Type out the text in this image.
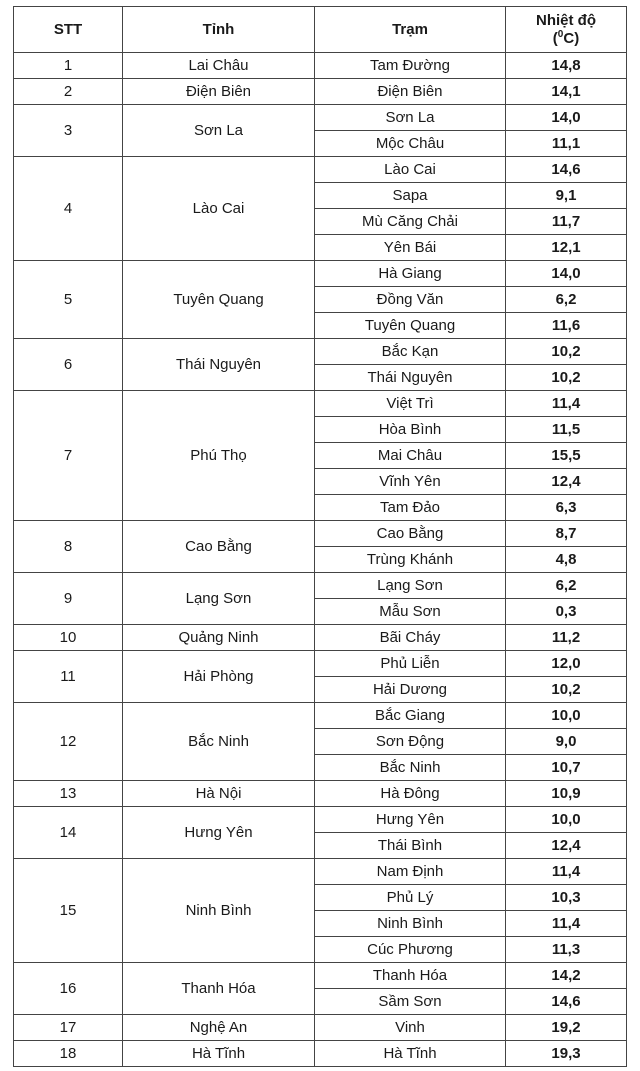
STT	Tỉnh	Trạm	Nhiệt độ
($^0$C)

1	Lai Châu	Tam Đường	14,8
2	Điện Biên	Điện Biên	14,1
3	Sơn La	Sơn La	14,0
		Mộc Châu	11,1
4	Lào Cai	Lào Cai	14,6
		Sapa	9,1
		Mù Căng Chải	11,7
		Yên Bái	12,1
5	Tuyên Quang	Hà Giang	14,0
		Đồng Văn	6,2
		Tuyên Quang	11,6
6	Thái Nguyên	Bắc Kạn	10,2
		Thái Nguyên	10,2
7	Phú Thọ	Việt Trì	11,4
		Hòa Bình	11,5
		Mai Châu	15,5
		Vĩnh Yên	12,4
		Tam Đảo	6,3
8	Cao Bằng	Cao Bằng	8,7
		Trùng Khánh	4,8
9	Lạng Sơn	Lạng Sơn	6,2
		Mẫu Sơn	0,3
10	Quảng Ninh	Bãi Cháy	11,2
11	Hải Phòng	Phủ Liễn	12,0
		Hải Dương	10,2
12	Bắc Ninh	Bắc Giang	10,0
		Sơn Động	9,0
		Bắc Ninh	10,7
13	Hà Nội	Hà Đông	10,9
14	Hưng Yên	Hưng Yên	10,0
		Thái Bình	12,4
15	Ninh Bình	Nam Định	11,4
		Phủ Lý	10,3
		Ninh Bình	11,4
		Cúc Phương	11,3
16	Thanh Hóa	Thanh Hóa	14,2
		Sầm Sơn	14,6
17	Nghệ An	Vinh	19,2
18	Hà Tĩnh	Hà Tĩnh	19,3
